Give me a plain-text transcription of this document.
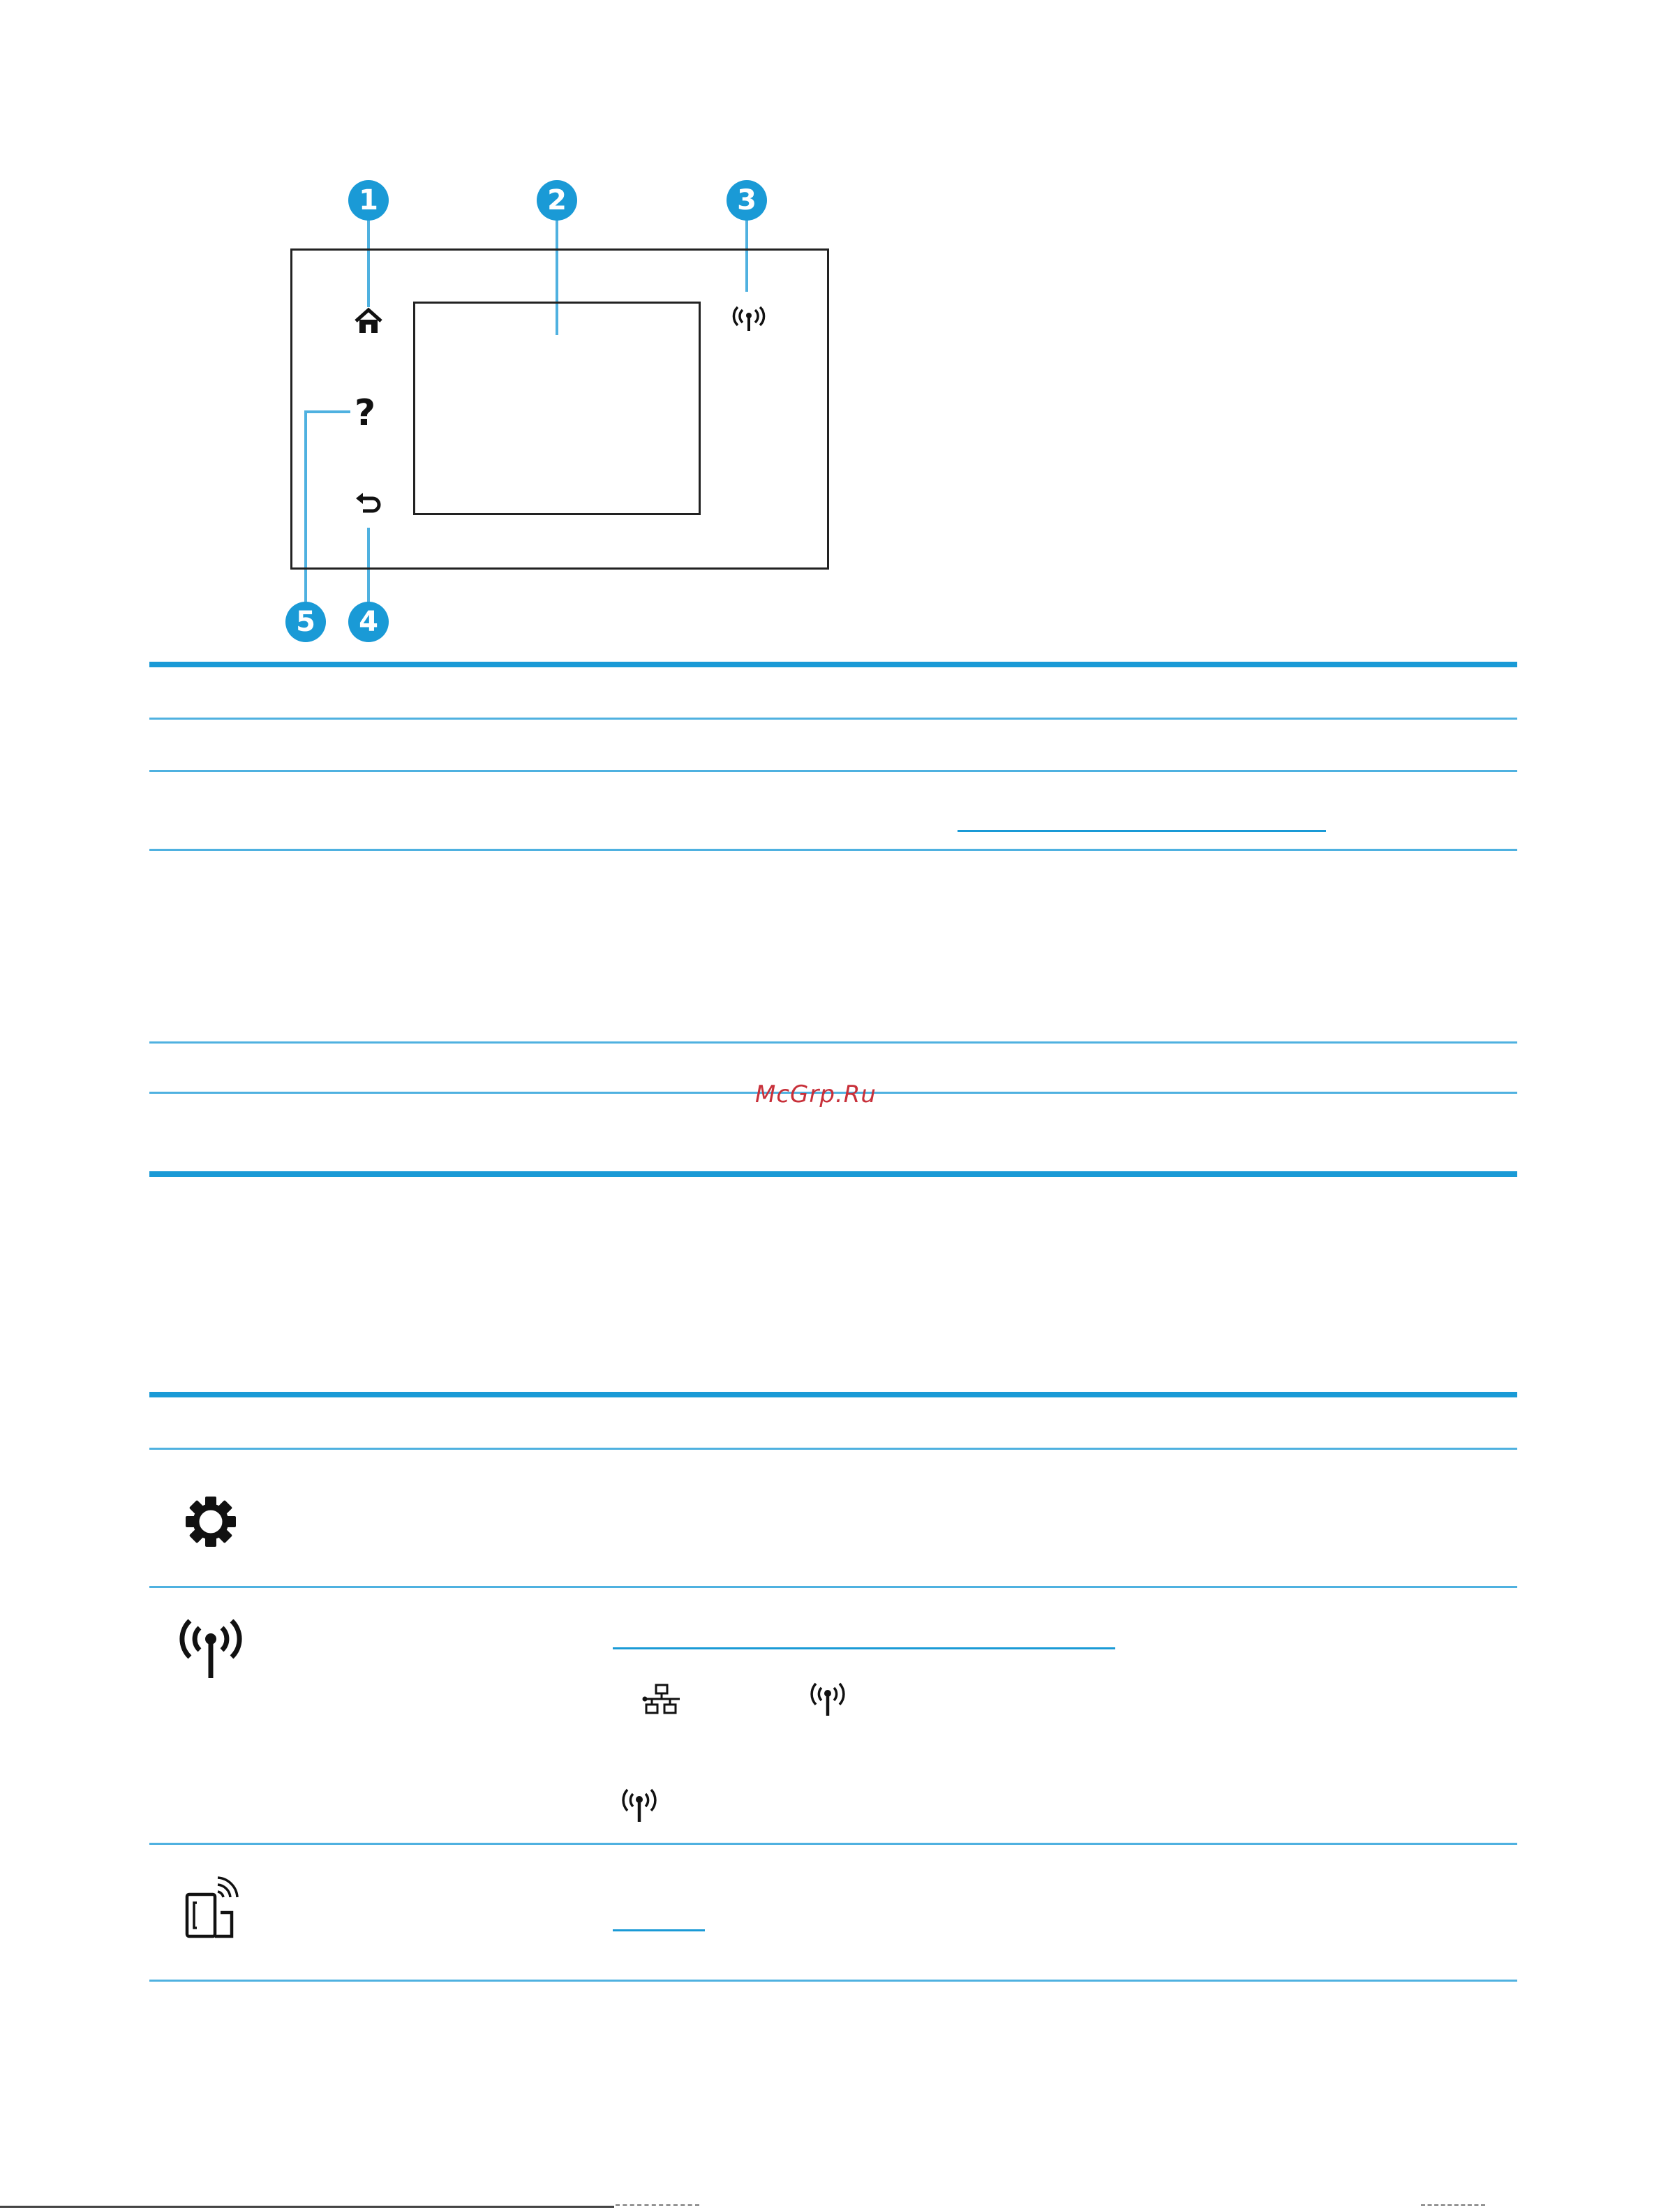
1	2	3
5	4
?
McGrp.Ru
